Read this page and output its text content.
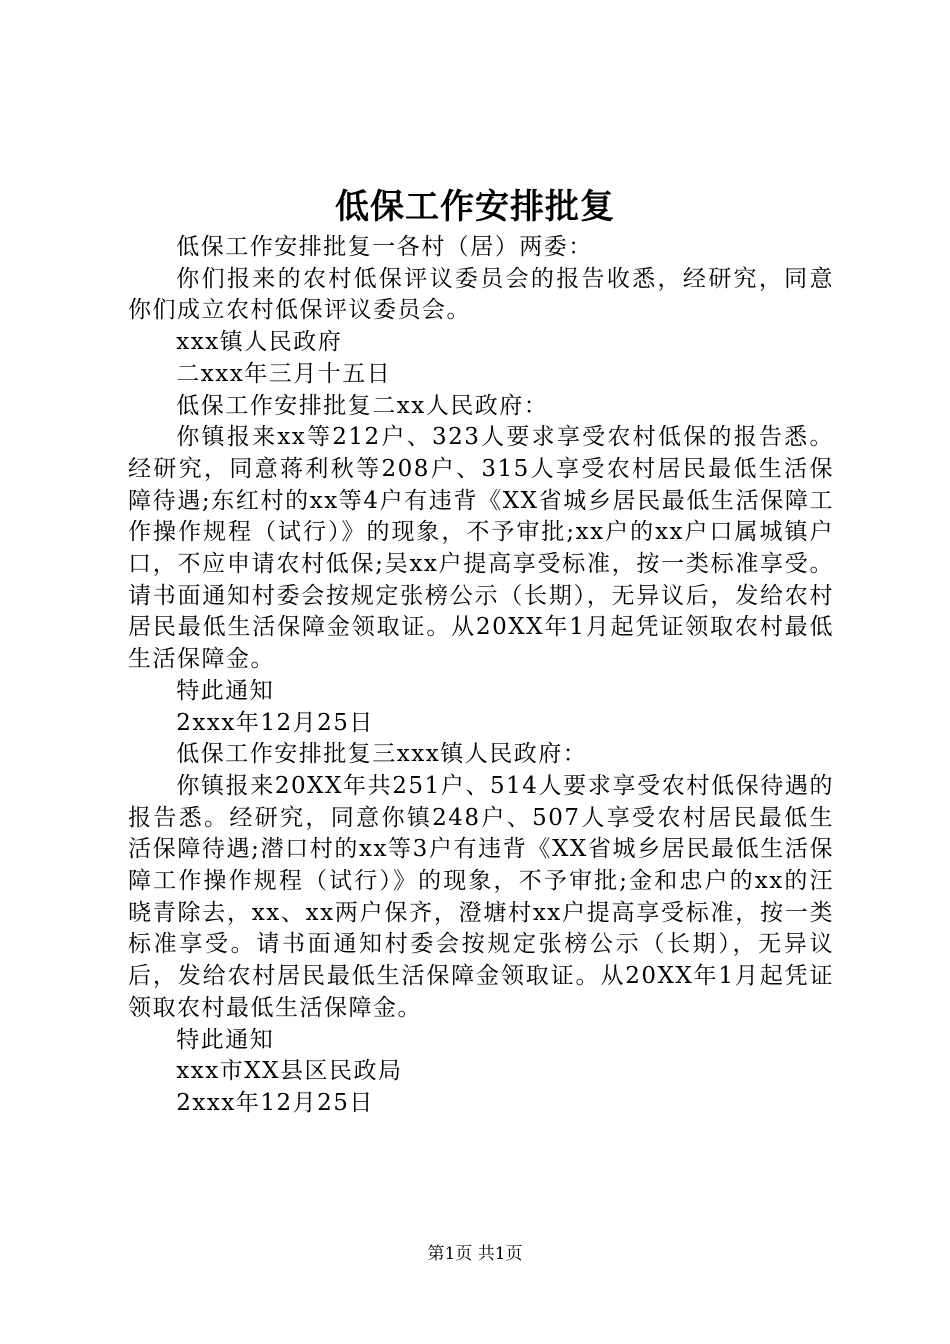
低保工作安排批复

低保工作安排批复一各村（居）两委：

你们报来的农村低保评议委员会的报告收悉，经研究，同意你们成立农村低保评议委员会。

xxx镇人民政府

二xxx年三月十五日

低保工作安排批复二xx人民政府：

你镇报来xx等212户、323人要求享受农村低保的报告悉。经研究，同意蒋利秋等208户、315人享受农村居民最低生活保障待遇;东红村的xx等4户有违背《XX省城乡居民最低生活保障工作操作规程（试行）》的现象，不予审批;xx户的xx户口属城镇户口，不应申请农村低保;吴xx户提高享受标准，按一类标准享受。请书面通知村委会按规定张榜公示（长期），无异议后，发给农村居民最低生活保障金领取证。从20XX年1月起凭证领取农村最低生活保障金。

特此通知

2xxx年12月25日

低保工作安排批复三xxx镇人民政府：

你镇报来20XX年共251户、514人要求享受农村低保待遇的报告悉。经研究，同意你镇248户、507人享受农村居民最低生活保障待遇;潜口村的xx等3户有违背《XX省城乡居民最低生活保障工作操作规程（试行）》的现象，不予审批;金和忠户的xx的汪晓青除去，xx、xx两户保齐，澄塘村xx户提高享受标准，按一类标准享受。请书面通知村委会按规定张榜公示（长期），无异议后，发给农村居民最低生活保障金领取证。从20XX年1月起凭证领取农村最低生活保障金。

特此通知

xxx市XX县区民政局

2xxx年12月25日

第1页 共1页
